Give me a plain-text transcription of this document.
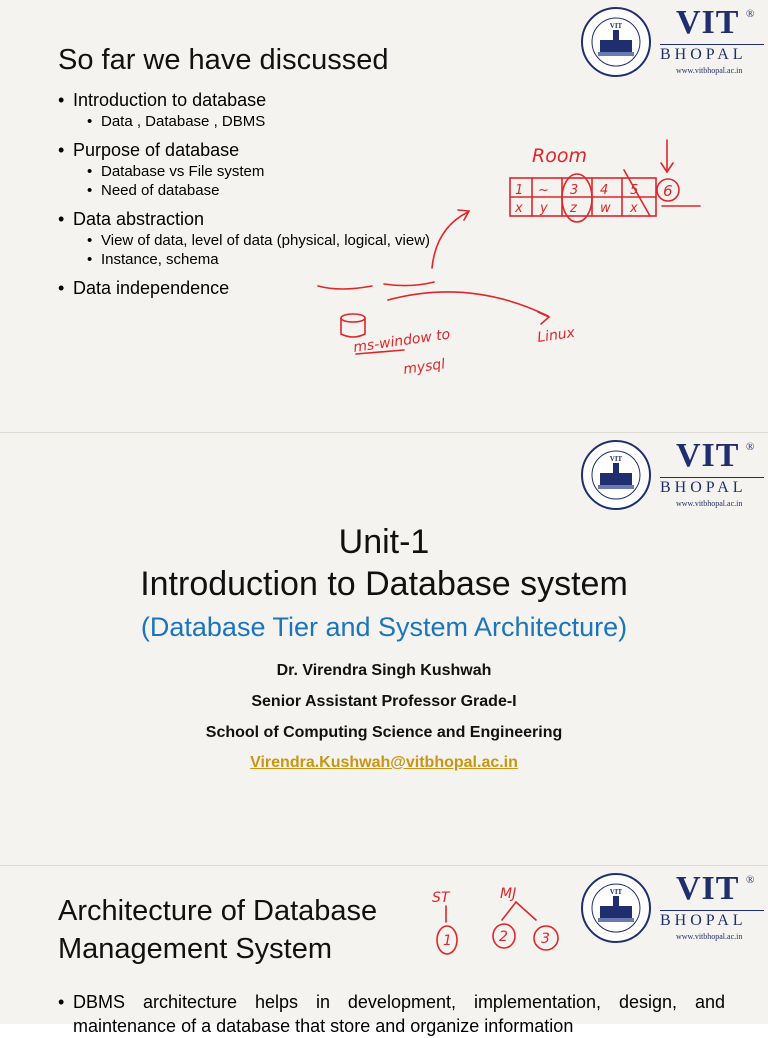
So far we have discussed
• Introduction to database
• Data , Database , DBMS
• Purpose of database
• Database vs File system
• Need of database
• Data abstraction
• View of data, level of data (physical, logical, view)
• Instance, schema
• Data independence
VIT VIT ®
BHOPAL
www.vitbhopal.ac.in
Room
1 ~ 3 4 5
x y z w x
6
ms-window to
mysql
Linux
VIT VIT ®
BHOPAL
www.vitbhopal.ac.in
Unit-1
Introduction to Database system
(Database Tier and System Architecture)
Dr. Virendra Singh Kushwah
Senior Assistant Professor Grade-I
School of Computing Science and Engineering
Virendra.Kushwah@vitbhopal.ac.in
Architecture of Database
Management System
VIT VIT ®
BHOPAL
www.vitbhopal.ac.in
ST	MJ
1	2 3
• DBMS architecture helps in development, implementation, design, and maintenance of a database that store and organize information
